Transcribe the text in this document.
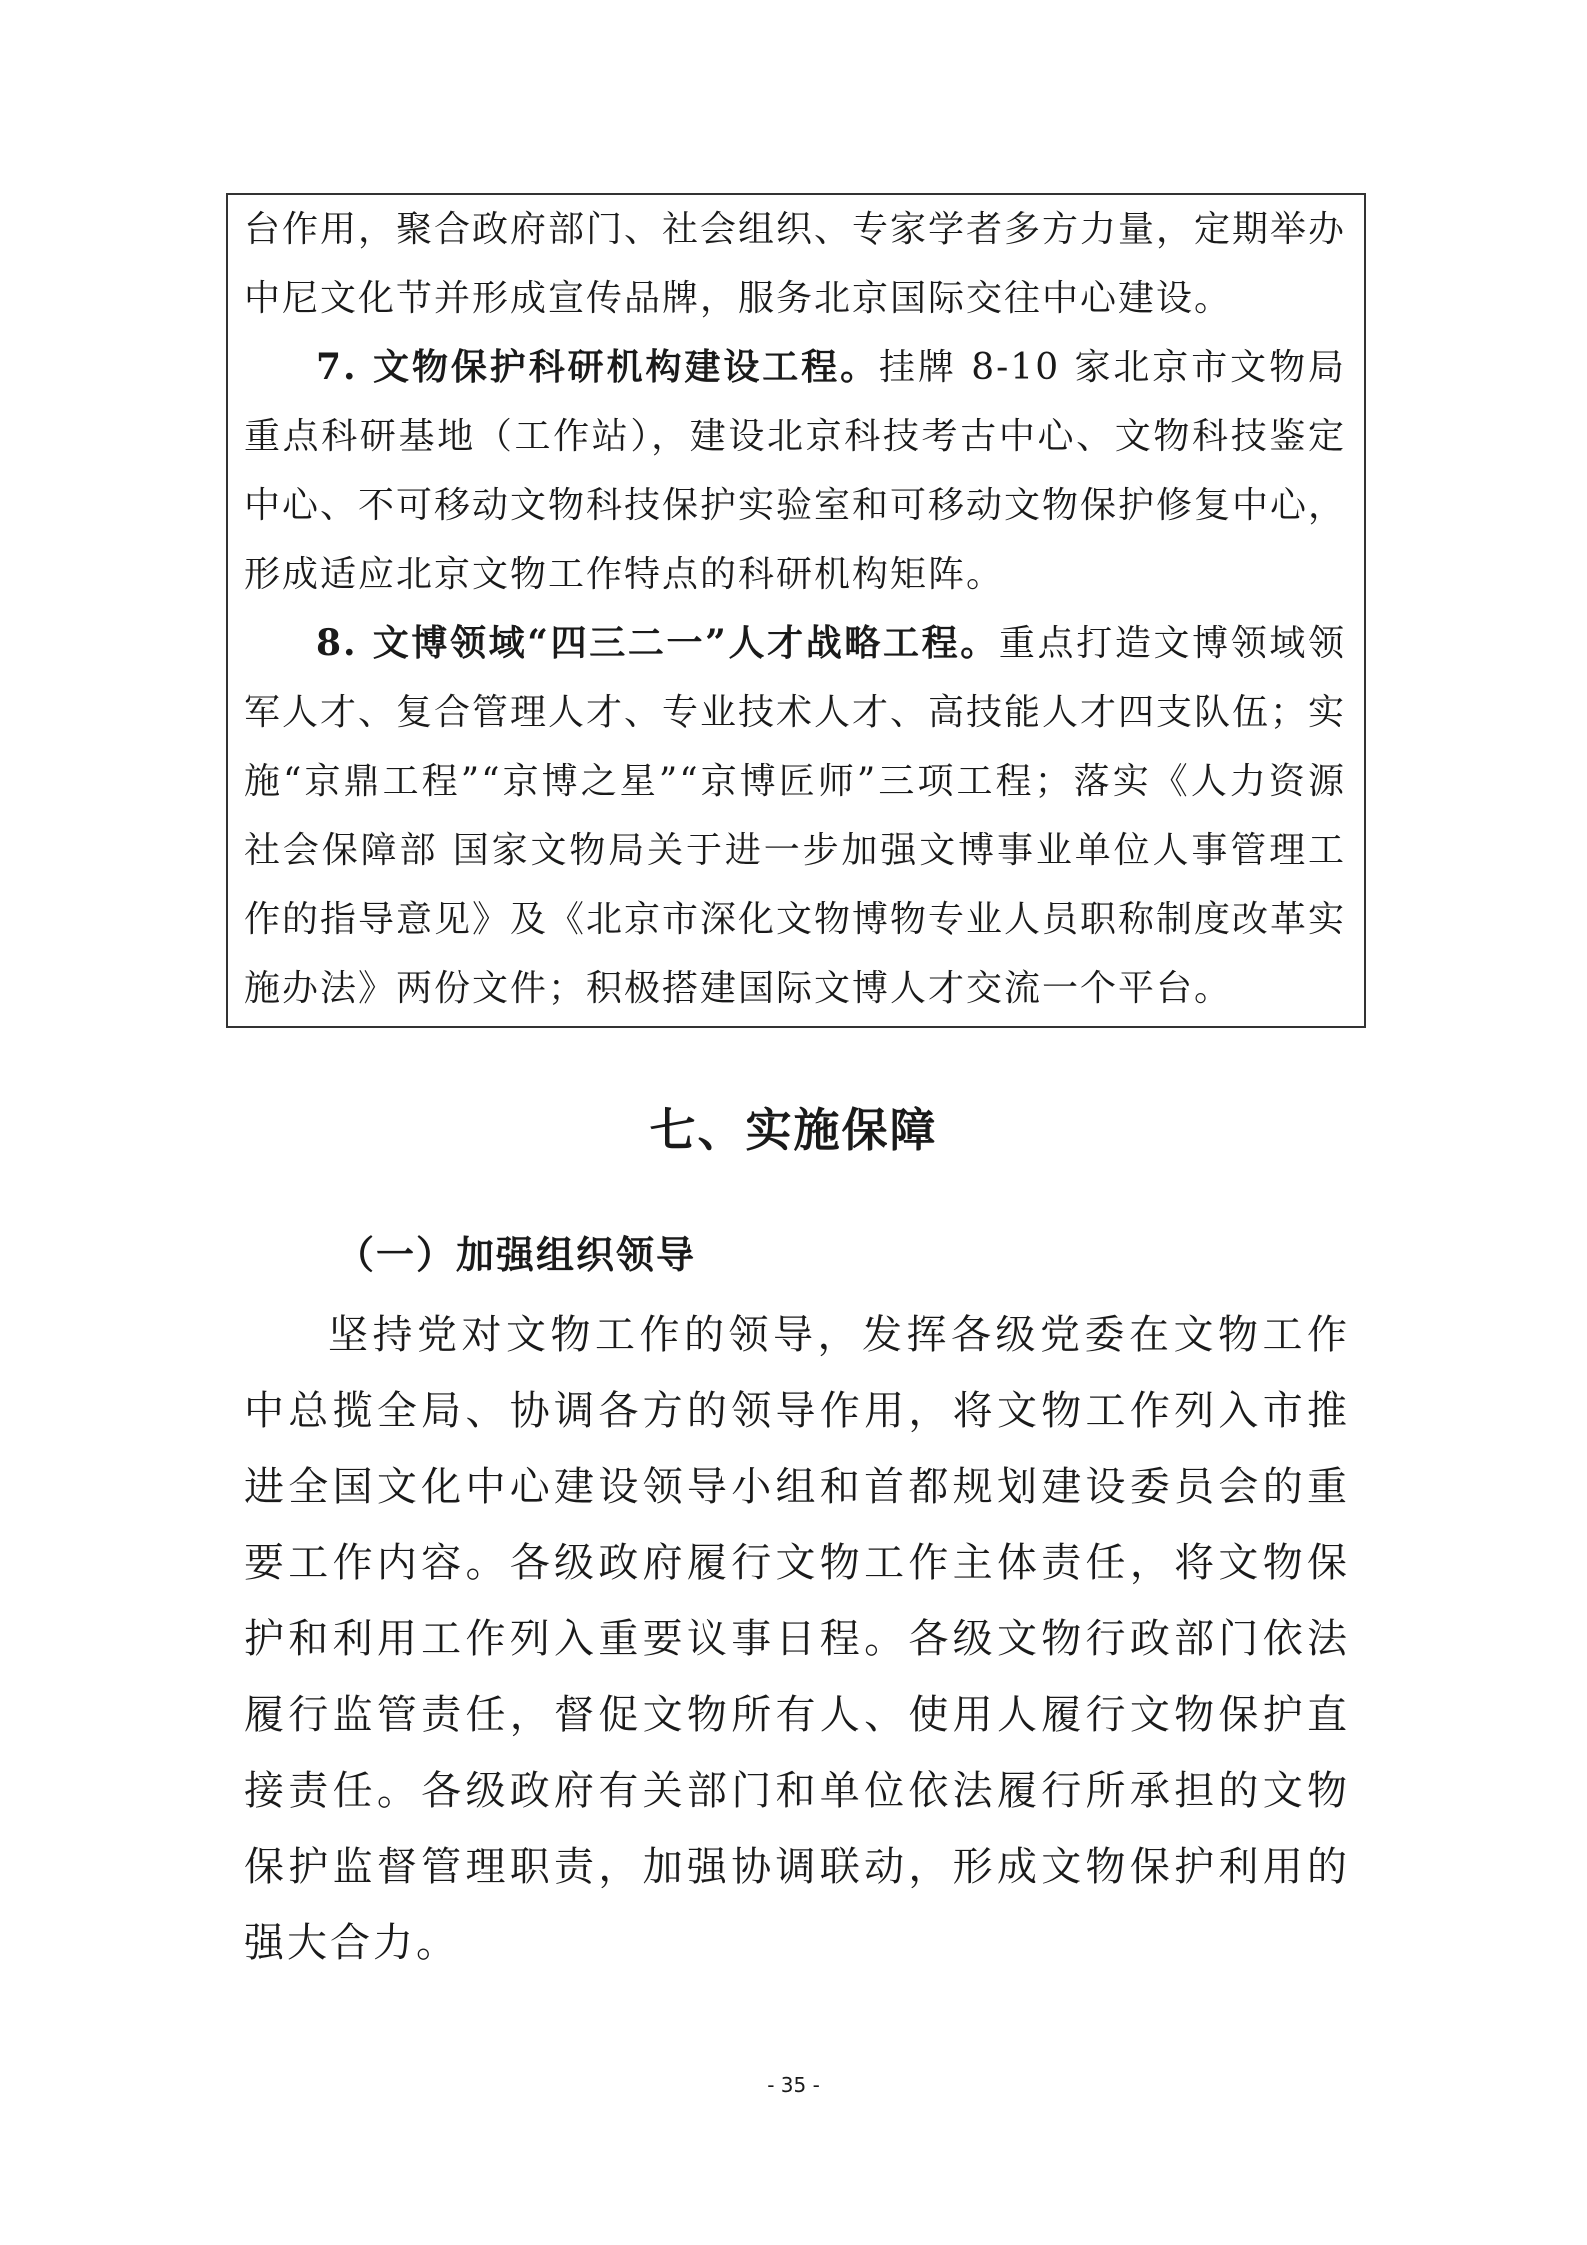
台作用，聚合政府部门、社会组织、专家学者多方力量，定期举办中尼文化节并形成宣传品牌，服务北京国际交往中心建设。

7. 文物保护科研机构建设工程。挂牌 8-10 家北京市文物局重点科研基地（工作站），建设北京科技考古中心、文物科技鉴定中心、不可移动文物科技保护实验室和可移动文物保护修复中心，形成适应北京文物工作特点的科研机构矩阵。

8. 文博领域“四三二一”人才战略工程。重点打造文博领域领军人才、复合管理人才、专业技术人才、高技能人才四支队伍；实施“京鼎工程”“京博之星”“京博匠师”三项工程；落实《人力资源社会保障部 国家文物局关于进一步加强文博事业单位人事管理工作的指导意见》及《北京市深化文物博物专业人员职称制度改革实施办法》两份文件；积极搭建国际文博人才交流一个平台。

七、实施保障
（一）加强组织领导

坚持党对文物工作的领导，发挥各级党委在文物工作中总揽全局、协调各方的领导作用，将文物工作列入市推进全国文化中心建设领导小组和首都规划建设委员会的重要工作内容。各级政府履行文物工作主体责任，将文物保护和利用工作列入重要议事日程。各级文物行政部门依法履行监管责任，督促文物所有人、使用人履行文物保护直接责任。各级政府有关部门和单位依法履行所承担的文物保护监督管理职责，加强协调联动，形成文物保护利用的强大合力。

- 35 -
